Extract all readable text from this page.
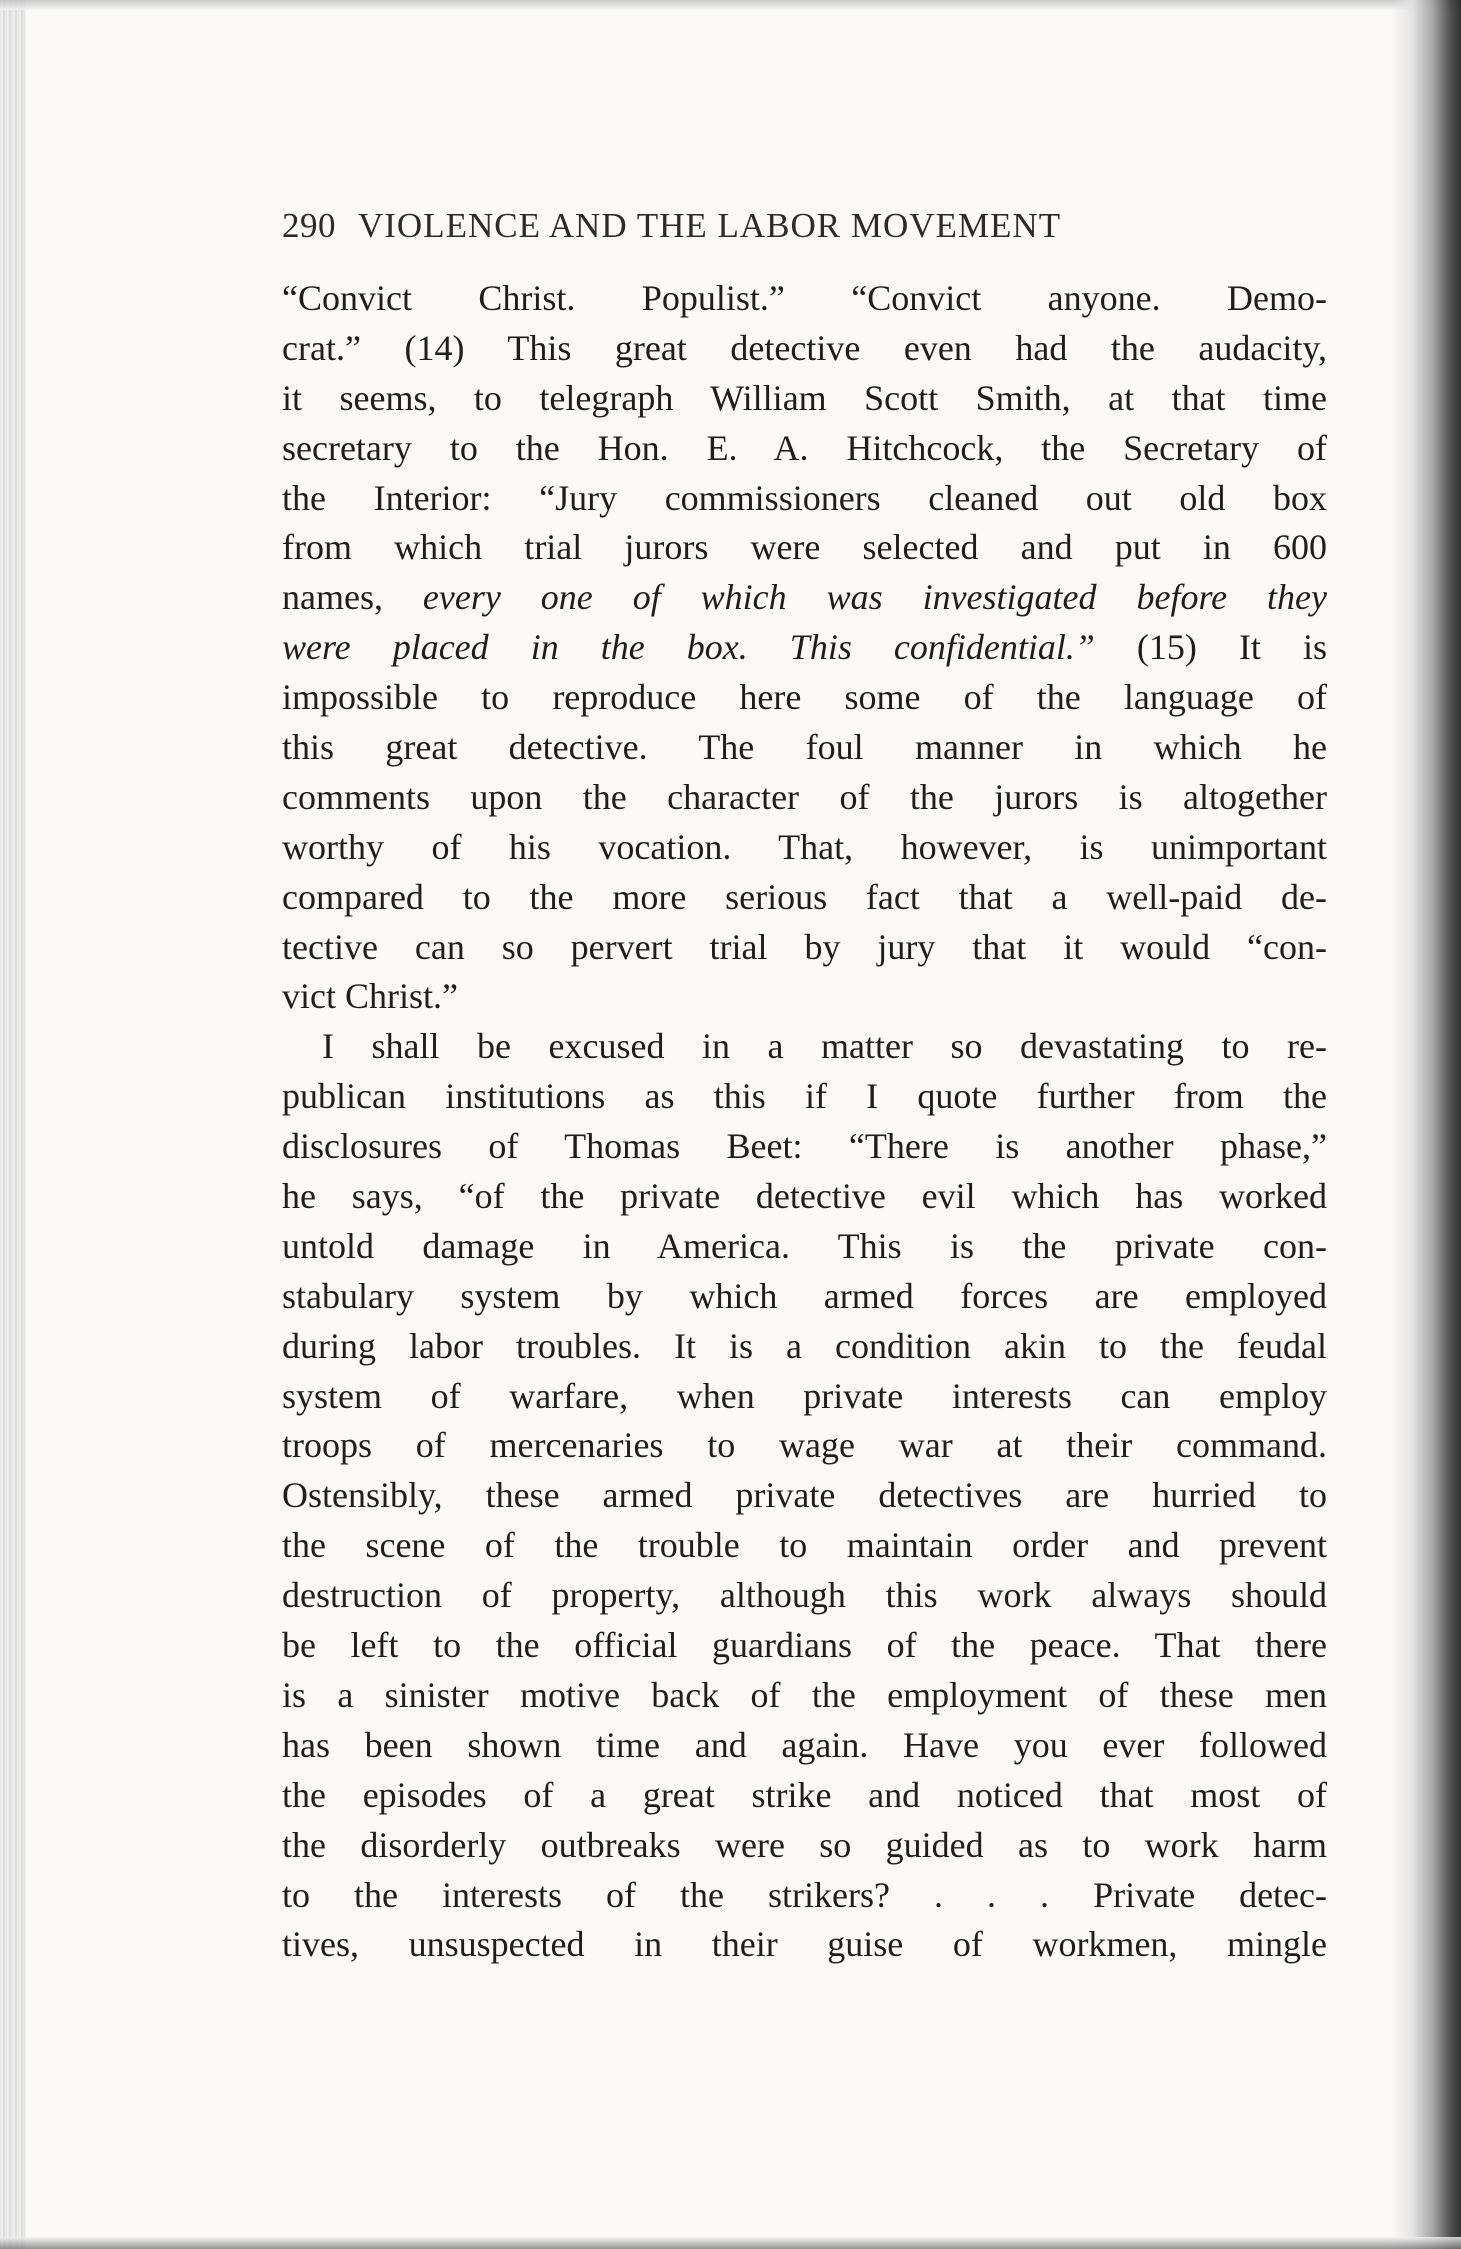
290 VIOLENCE AND THE LABOR MOVEMENT
“Convict Christ. Populist.” “Convict anyone. Demo-
crat.” (14) This great detective even had the audacity,
it seems, to telegraph William Scott Smith, at that time
secretary to the Hon. E. A. Hitchcock, the Secretary of
the Interior: “Jury commissioners cleaned out old box
from which trial jurors were selected and put in 600
names, every one of which was investigated before they
were placed in the box. This confidential.” (15) It is
impossible to reproduce here some of the language of
this great detective. The foul manner in which he
comments upon the character of the jurors is altogether
worthy of his vocation. That, however, is unimportant
compared to the more serious fact that a well-paid de-
tective can so pervert trial by jury that it would “con-
vict Christ.”
I shall be excused in a matter so devastating to re-
publican institutions as this if I quote further from the
disclosures of Thomas Beet: “There is another phase,”
he says, “of the private detective evil which has worked
untold damage in America. This is the private con-
stabulary system by which armed forces are employed
during labor troubles. It is a condition akin to the feudal
system of warfare, when private interests can employ
troops of mercenaries to wage war at their command.
Ostensibly, these armed private detectives are hurried to
the scene of the trouble to maintain order and prevent
destruction of property, although this work always should
be left to the official guardians of the peace. That there
is a sinister motive back of the employment of these men
has been shown time and again. Have you ever followed
the episodes of a great strike and noticed that most of
the disorderly outbreaks were so guided as to work harm
to the interests of the strikers? . . . Private detec-
tives, unsuspected in their guise of workmen, mingle
